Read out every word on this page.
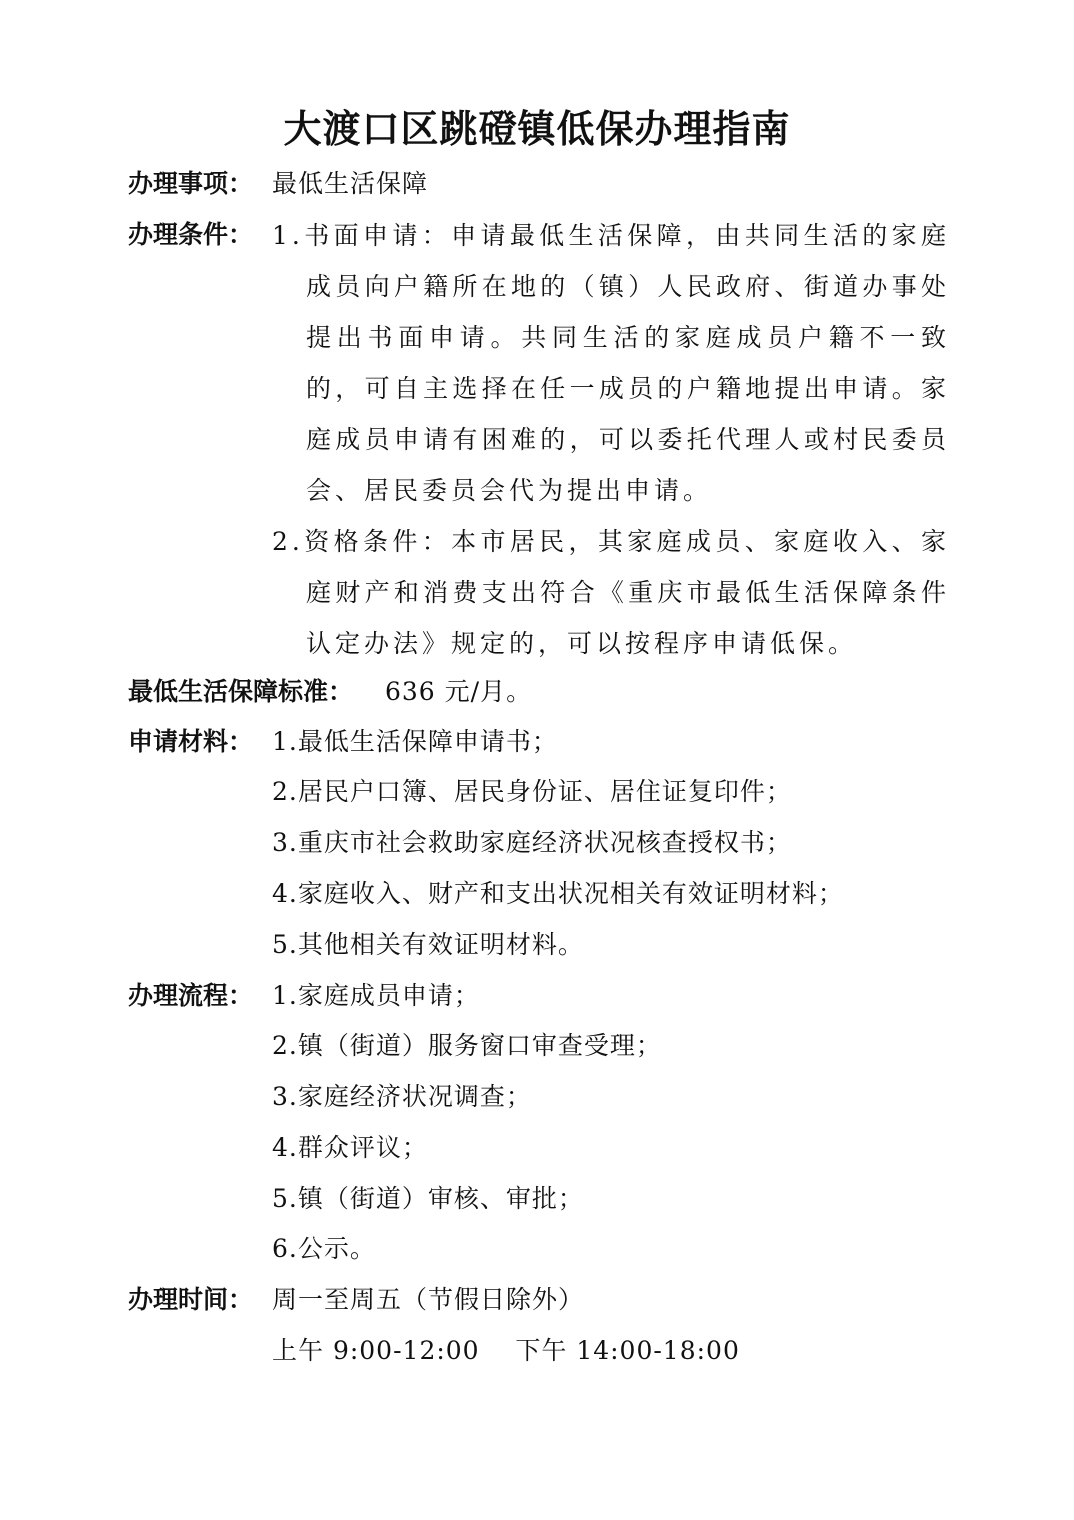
大渡口区跳磴镇低保办理指南
办理事项： 最低生活保障
办理条件： 1.书面申请：申请最低生活保障，由共同生活的家庭成员向户籍所在地的（镇）人民政府、街道办事处提出书面申请。共同生活的家庭成员户籍不一致的，可自主选择在任一成员的户籍地提出申请。家庭成员申请有困难的，可以委托代理人或村民委员会、居民委员会代为提出申请。
2.资格条件：本市居民，其家庭成员、家庭收入、家庭财产和消费支出符合《重庆市最低生活保障条件认定办法》规定的，可以按程序申请低保。
最低生活保障标准： 636 元/月。
申请材料： 1.最低生活保障申请书；
2.居民户口簿、居民身份证、居住证复印件；
3.重庆市社会救助家庭经济状况核查授权书；
4.家庭收入、财产和支出状况相关有效证明材料；
5.其他相关有效证明材料。
办理流程： 1.家庭成员申请；
2.镇（街道）服务窗口审查受理；
3.家庭经济状况调查；
4.群众评议；
5.镇（街道）审核、审批；
6.公示。
办理时间： 周一至周五（节假日除外）
上午 9:00-12:00    下午 14:00-18:00
